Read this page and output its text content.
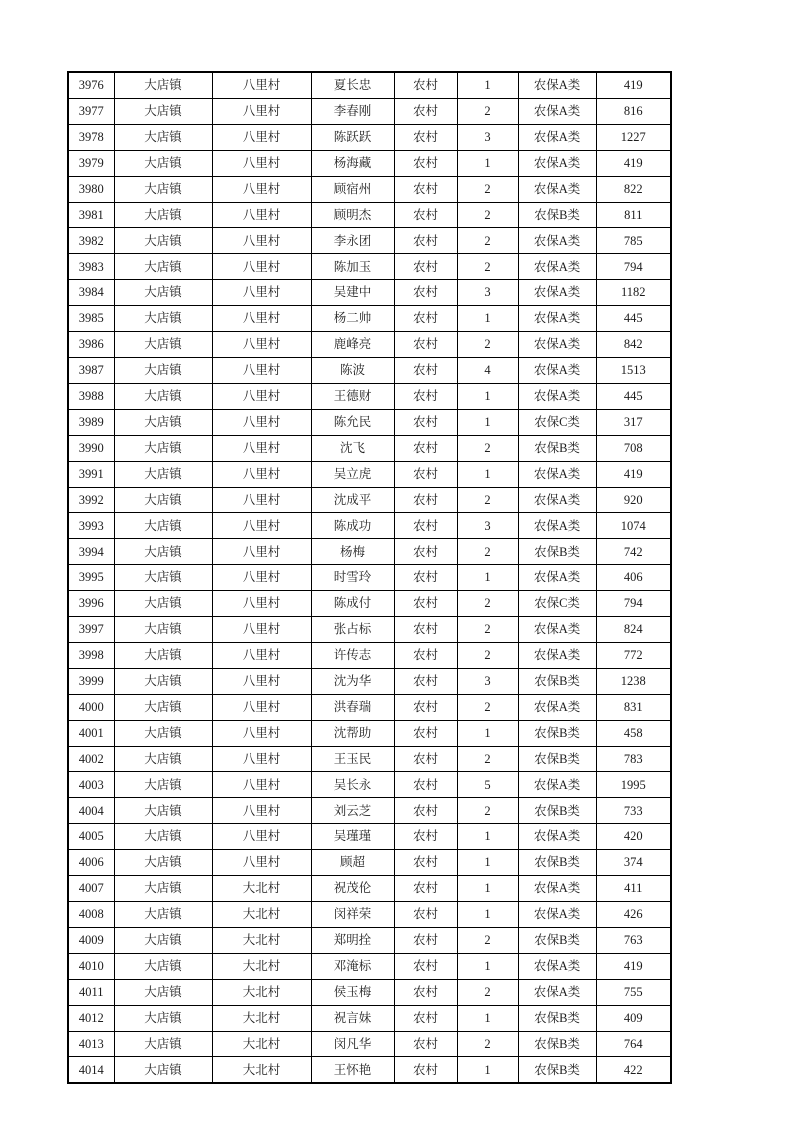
3976	大店镇	八里村	夏长忠	农村	1	农保A类	419
3977	大店镇	八里村	李春刚	农村	2	农保A类	816
3978	大店镇	八里村	陈跃跃	农村	3	农保A类	1227
3979	大店镇	八里村	杨海藏	农村	1	农保A类	419
3980	大店镇	八里村	顾宿州	农村	2	农保A类	822
3981	大店镇	八里村	顾明杰	农村	2	农保B类	811
3982	大店镇	八里村	李永团	农村	2	农保A类	785
3983	大店镇	八里村	陈加玉	农村	2	农保A类	794
3984	大店镇	八里村	吴建中	农村	3	农保A类	1182
3985	大店镇	八里村	杨二帅	农村	1	农保A类	445
3986	大店镇	八里村	鹿峰亮	农村	2	农保A类	842
3987	大店镇	八里村	陈波	农村	4	农保A类	1513
3988	大店镇	八里村	王德财	农村	1	农保A类	445
3989	大店镇	八里村	陈允民	农村	1	农保C类	317
3990	大店镇	八里村	沈飞	农村	2	农保B类	708
3991	大店镇	八里村	吴立虎	农村	1	农保A类	419
3992	大店镇	八里村	沈成平	农村	2	农保A类	920
3993	大店镇	八里村	陈成功	农村	3	农保A类	1074
3994	大店镇	八里村	杨梅	农村	2	农保B类	742
3995	大店镇	八里村	时雪玲	农村	1	农保A类	406
3996	大店镇	八里村	陈成付	农村	2	农保C类	794
3997	大店镇	八里村	张占标	农村	2	农保A类	824
3998	大店镇	八里村	许传志	农村	2	农保A类	772
3999	大店镇	八里村	沈为华	农村	3	农保B类	1238
4000	大店镇	八里村	洪春瑞	农村	2	农保A类	831
4001	大店镇	八里村	沈帮助	农村	1	农保B类	458
4002	大店镇	八里村	王玉民	农村	2	农保B类	783
4003	大店镇	八里村	吴长永	农村	5	农保A类	1995
4004	大店镇	八里村	刘云芝	农村	2	农保B类	733
4005	大店镇	八里村	吴瑾瑾	农村	1	农保A类	420
4006	大店镇	八里村	顾超	农村	1	农保B类	374
4007	大店镇	大北村	祝茂伦	农村	1	农保A类	411
4008	大店镇	大北村	闵祥荣	农村	1	农保A类	426
4009	大店镇	大北村	郑明拴	农村	2	农保B类	763
4010	大店镇	大北村	邓淹标	农村	1	农保A类	419
4011	大店镇	大北村	侯玉梅	农村	2	农保A类	755
4012	大店镇	大北村	祝言妹	农村	1	农保B类	409
4013	大店镇	大北村	闵凡华	农村	2	农保B类	764
4014	大店镇	大北村	王怀艳	农村	1	农保B类	422
